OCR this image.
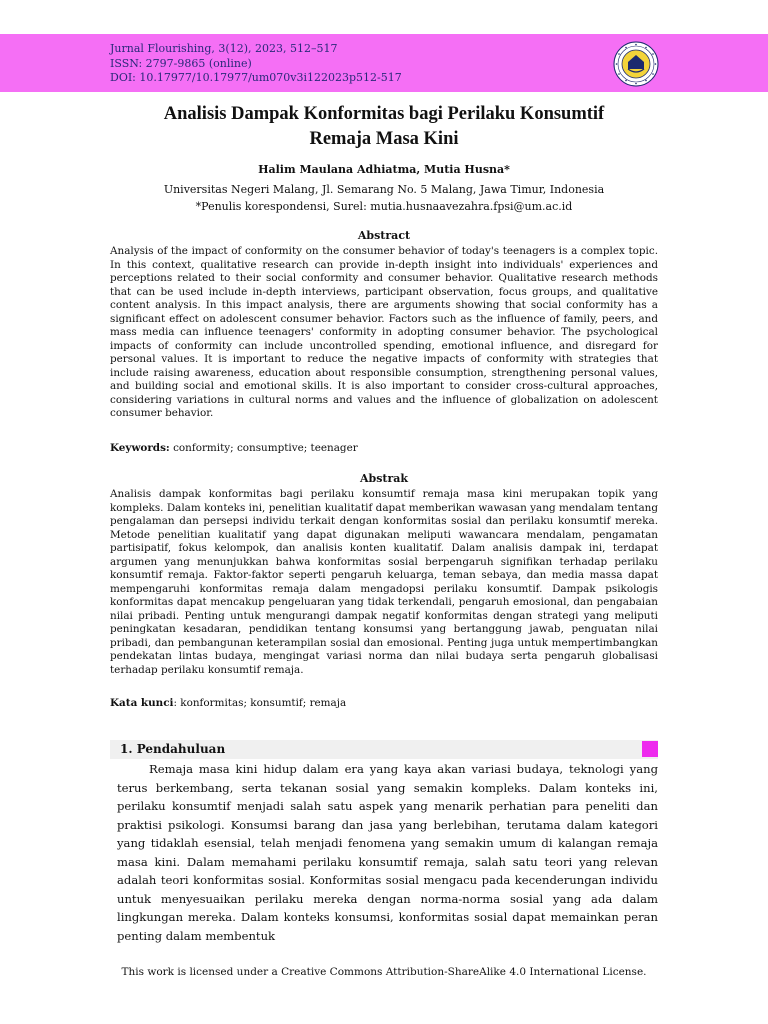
Jurnal Flourishing, 3(12), 2023, 512–517
ISSN: 2797-9865 (online)
DOI: 10.17977/10.17977/um070v3i122023p512-517
Analisis Dampak Konformitas bagi Perilaku Konsumtif
Remaja Masa Kini
Halim Maulana Adhiatma, Mutia Husna*
Universitas Negeri Malang, Jl. Semarang No. 5 Malang, Jawa Timur, Indonesia
*Penulis korespondensi, Surel: mutia.husnaavezahra.fpsi@um.ac.id
Abstract
Analysis of the impact of conformity on the consumer behavior of today's teenagers is a complex topic. In this context, qualitative research can provide in-depth insight into individuals' experiences and perceptions related to their social conformity and consumer behavior. Qualitative research methods that can be used include in-depth interviews, participant observation, focus groups, and qualitative content analysis. In this impact analysis, there are arguments showing that social conformity has a significant effect on adolescent consumer behavior. Factors such as the influence of family, peers, and mass media can influence teenagers' conformity in adopting consumer behavior. The psychological impacts of conformity can include uncontrolled spending, emotional influence, and disregard for personal values. It is important to reduce the negative impacts of conformity with strategies that include raising awareness, education about responsible consumption, strengthening personal values, and building social and emotional skills. It is also important to consider cross-cultural approaches, considering variations in cultural norms and values and the influence of globalization on adolescent consumer behavior.
Keywords: conformity; consumptive; teenager
Abstrak
Analisis dampak konformitas bagi perilaku konsumtif remaja masa kini merupakan topik yang kompleks. Dalam konteks ini, penelitian kualitatif dapat memberikan wawasan yang mendalam tentang pengalaman dan persepsi individu terkait dengan konformitas sosial dan perilaku konsumtif mereka. Metode penelitian kualitatif yang dapat digunakan meliputi wawancara mendalam, pengamatan partisipatif, fokus kelompok, dan analisis konten kualitatif. Dalam analisis dampak ini, terdapat argumen yang menunjukkan bahwa konformitas sosial berpengaruh signifikan terhadap perilaku konsumtif remaja. Faktor-faktor seperti pengaruh keluarga, teman sebaya, dan media massa dapat mempengaruhi konformitas remaja dalam mengadopsi perilaku konsumtif. Dampak psikologis konformitas dapat mencakup pengeluaran yang tidak terkendali, pengaruh emosional, dan pengabaian nilai pribadi. Penting untuk mengurangi dampak negatif konformitas dengan strategi yang meliputi peningkatan kesadaran, pendidikan tentang konsumsi yang bertanggung jawab, penguatan nilai pribadi, dan pembangunan keterampilan sosial dan emosional. Penting juga untuk mempertimbangkan pendekatan lintas budaya, mengingat variasi norma dan nilai budaya serta pengaruh globalisasi terhadap perilaku konsumtif remaja.
Kata kunci: konformitas; konsumtif; remaja
1. Pendahuluan
Remaja masa kini hidup dalam era yang kaya akan variasi budaya, teknologi yang terus berkembang, serta tekanan sosial yang semakin kompleks. Dalam konteks ini, perilaku konsumtif menjadi salah satu aspek yang menarik perhatian para peneliti dan praktisi psikologi. Konsumsi barang dan jasa yang berlebihan, terutama dalam kategori yang tidaklah esensial, telah menjadi fenomena yang semakin umum di kalangan remaja masa kini. Dalam memahami perilaku konsumtif remaja, salah satu teori yang relevan adalah teori konformitas sosial. Konformitas sosial mengacu pada kecenderungan individu untuk menyesuaikan perilaku mereka dengan norma-norma sosial yang ada dalam lingkungan mereka. Dalam konteks konsumsi, konformitas sosial dapat memainkan peran penting dalam membentuk
This work is licensed under a Creative Commons Attribution-ShareAlike 4.0 International License.
